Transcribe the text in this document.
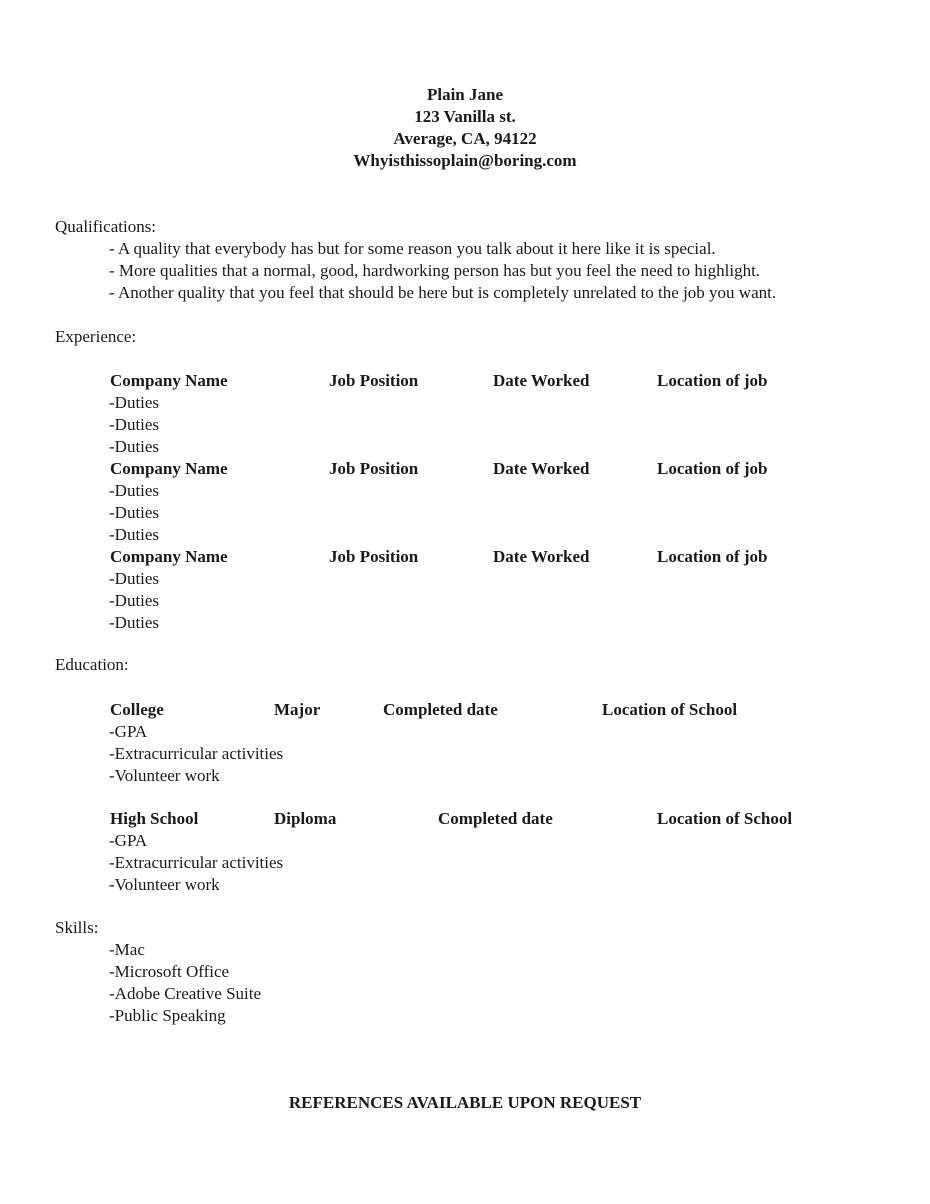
Plain Jane
123 Vanilla st.
Average, CA, 94122
Whyisthissoplain@boring.com
Qualifications:
- A quality that everybody has but for some reason you talk about it here like it is special.
- More qualities that a normal, good, hardworking person has but you feel the need to highlight.
- Another quality that you feel that should be here but is completely unrelated to the job you want.
Experience:
Company Name	Job Position	Date Worked	Location of job
-Duties
-Duties
-Duties
Company Name	Job Position	Date Worked	Location of job
-Duties
-Duties
-Duties
Company Name	Job Position	Date Worked	Location of job
-Duties
-Duties
-Duties
Education:
College	Major	Completed date	Location of School
-GPA
-Extracurricular activities
-Volunteer work
High School	Diploma	Completed date	Location of School
-GPA
-Extracurricular activities
-Volunteer work
Skills:
-Mac
-Microsoft Office
-Adobe Creative Suite
-Public Speaking
REFERENCES AVAILABLE UPON REQUEST
